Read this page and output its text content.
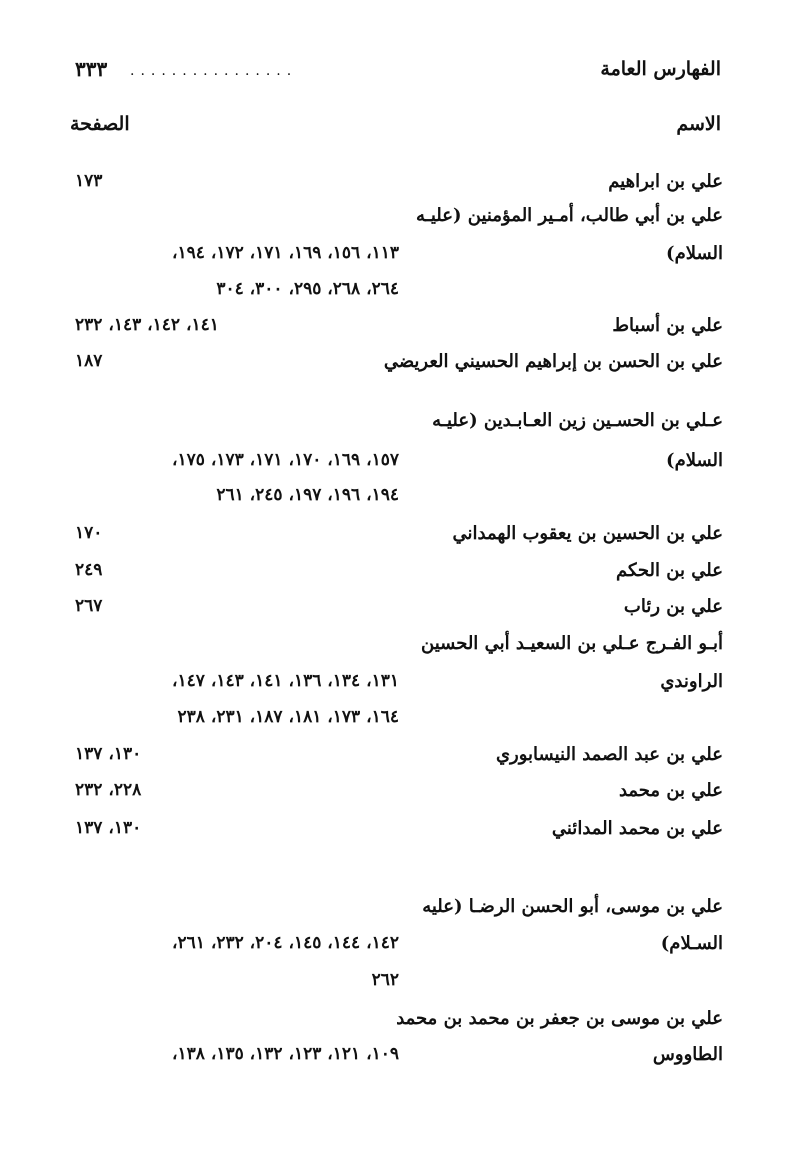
الفهارس العامة
................
٣٣٣
الاسم
الصفحة
علي بن ابراهيم
١٧٣
علي بن أبي طالب، أمـير المؤمنين (عليـه
السلام)
١١٣، ١٥٦، ١٦٩، ١٧١، ١٧٢، ١٩٤،
٢٦٤، ٢٦٨، ٢٩٥، ٣٠٠، ٣٠٤
علي بن أسباط
١٤١، ١٤٢، ١٤٣، ٢٣٢
علي بن الحسن بن إبراهيم الحسيني العريضي
١٨٧
عـلي بن الحسـين زين العـابـدين (عليـه
السلام)
١٥٧، ١٦٩، ١٧٠، ١٧١، ١٧٣، ١٧٥،
١٩٤، ١٩٦، ١٩٧، ٢٤٥، ٢٦١
علي بن الحسين بن يعقوب الهمداني
١٧٠
علي بن الحكم
٢٤٩
علي بن رئاب
٢٦٧
أبـو الفـرج عـلي بن السعيـد أبي الحسين
الراوندي
١٣١، ١٣٤، ١٣٦، ١٤١، ١٤٣، ١٤٧،
١٦٤، ١٧٣، ١٨١، ١٨٧، ٢٣١، ٢٣٨
علي بن عبد الصمد النيسابوري
١٣٠، ١٣٧
علي بن محمد
٢٢٨، ٢٣٢
علي بن محمد المدائني
١٣٠، ١٣٧
علي بن موسى، أبو الحسن الرضـا (عليه
السـلام)
١٤٢، ١٤٤، ١٤٥، ٢٠٤، ٢٣٢، ٢٦١،
٢٦٢
علي بن موسى بن جعفر بن محمد بن محمد
الطاووس
١٠٩، ١٢١، ١٢٣، ١٣٢، ١٣٥، ١٣٨،
